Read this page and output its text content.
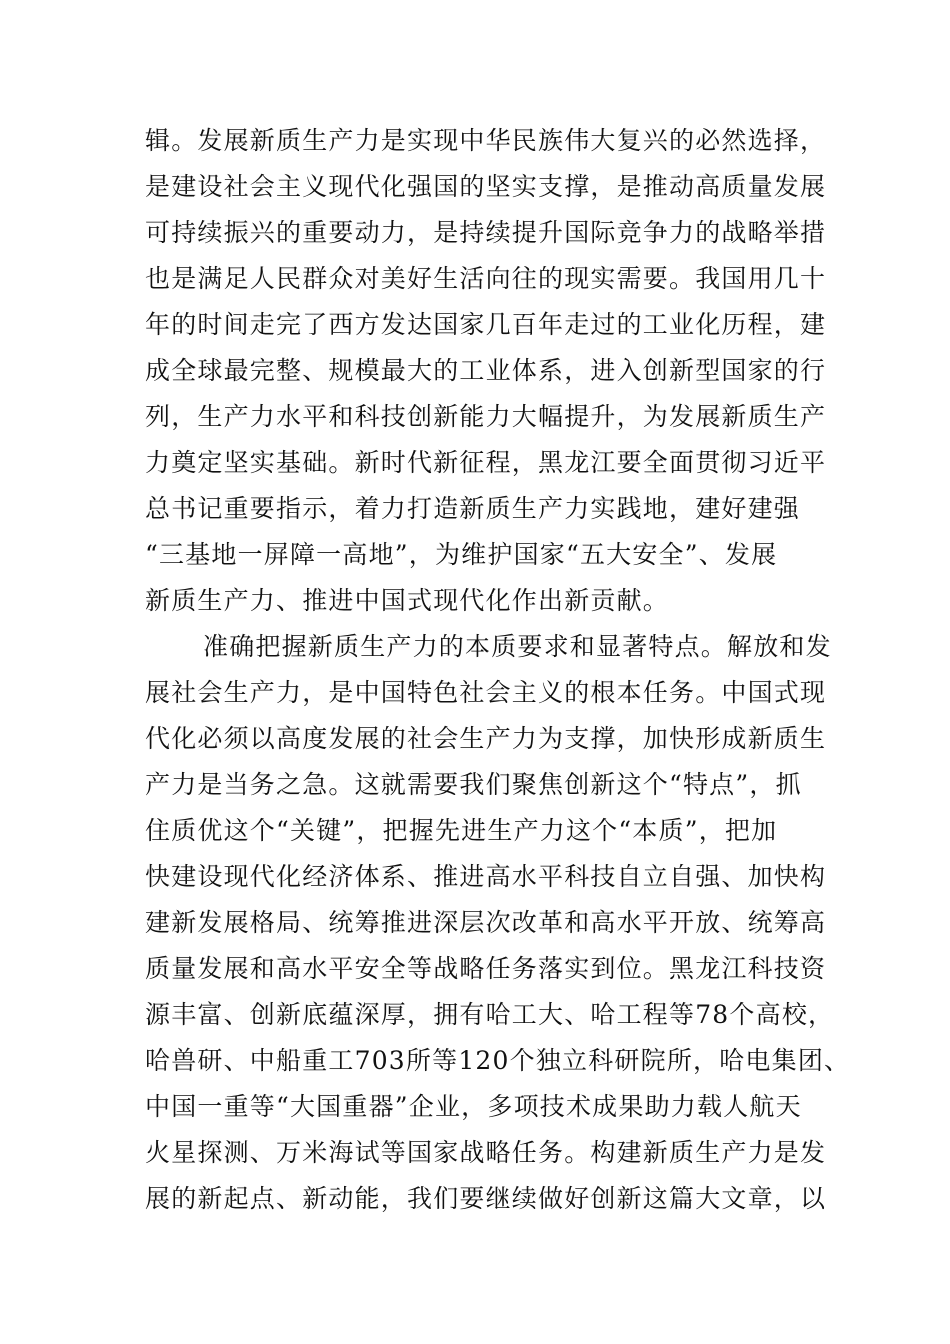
辑。发展新质生产力是实现中华民族伟大复兴的必然选择，
是建设社会主义现代化强国的坚实支撑，是推动高质量发展
可持续振兴的重要动力，是持续提升国际竞争力的战略举措
也是满足人民群众对美好生活向往的现实需要。我国用几十
年的时间走完了西方发达国家几百年走过的工业化历程，建
成全球最完整、规模最大的工业体系，进入创新型国家的行
列，生产力水平和科技创新能力大幅提升，为发展新质生产
力奠定坚实基础。新时代新征程，黑龙江要全面贯彻习近平
总书记重要指示，着力打造新质生产力实践地，建好建强
“三基地一屏障一高地”，为维护国家“五大安全”、发展
新质生产力、推进中国式现代化作出新贡献。
准确把握新质生产力的本质要求和显著特点。解放和发
展社会生产力，是中国特色社会主义的根本任务。中国式现
代化必须以高度发展的社会生产力为支撑，加快形成新质生
产力是当务之急。这就需要我们聚焦创新这个“特点”，抓
住质优这个“关键”，把握先进生产力这个“本质”，把加
快建设现代化经济体系、推进高水平科技自立自强、加快构
建新发展格局、统筹推进深层次改革和高水平开放、统筹高
质量发展和高水平安全等战略任务落实到位。黑龙江科技资
源丰富、创新底蕴深厚，拥有哈工大、哈工程等78个高校，
哈兽研、中船重工703所等120个独立科研院所，哈电集团、
中国一重等“大国重器”企业，多项技术成果助力载人航天
火星探测、万米海试等国家战略任务。构建新质生产力是发
展的新起点、新动能，我们要继续做好创新这篇大文章，以
